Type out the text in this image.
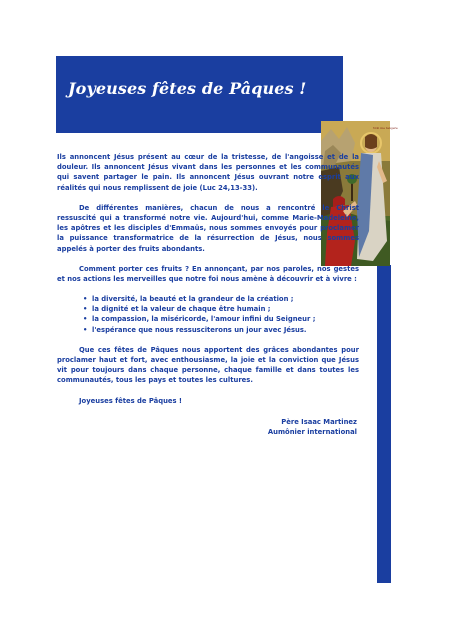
Joyeuses fêtes de Pâques !
Noli me tangere

Ils annoncent Jésus présent au cœur de la tristesse, de l'angoisse et de la douleur. Ils annoncent Jésus vivant dans les personnes et les communautés qui savent partager le pain. Ils annoncent Jésus ouvrant notre esprit aux réalités qui nous remplissent de joie (Luc 24,13-33).

De différentes manières, chacun de nous a rencontré le Christ ressuscité qui a transformé notre vie. Aujourd'hui, comme Marie-Madeleine, les apôtres et les disciples d'Emmaüs, nous sommes envoyés pour proclamer la puissance transformatrice de la résurrection de Jésus, nous sommes appelés à porter des fruits abondants.

Comment porter ces fruits ? En annonçant, par nos paroles, nos gestes et nos actions les merveilles que notre foi nous amène à découvrir et à vivre :

• la diversité, la beauté et la grandeur de la création ;
• la dignité et la valeur de chaque être humain ;
• la compassion, la miséricorde, l'amour infini du Seigneur ;
• l'espérance que nous ressusciterons un jour avec Jésus.

Que ces fêtes de Pâques nous apportent des grâces abondantes pour proclamer haut et fort, avec enthousiasme, la joie et la conviction que Jésus vit pour toujours dans chaque personne, chaque famille et dans toutes les communautés, tous les pays et toutes les cultures.

Joyeuses fêtes de Pâques !

Père Isaac Martinez
Aumônier international
